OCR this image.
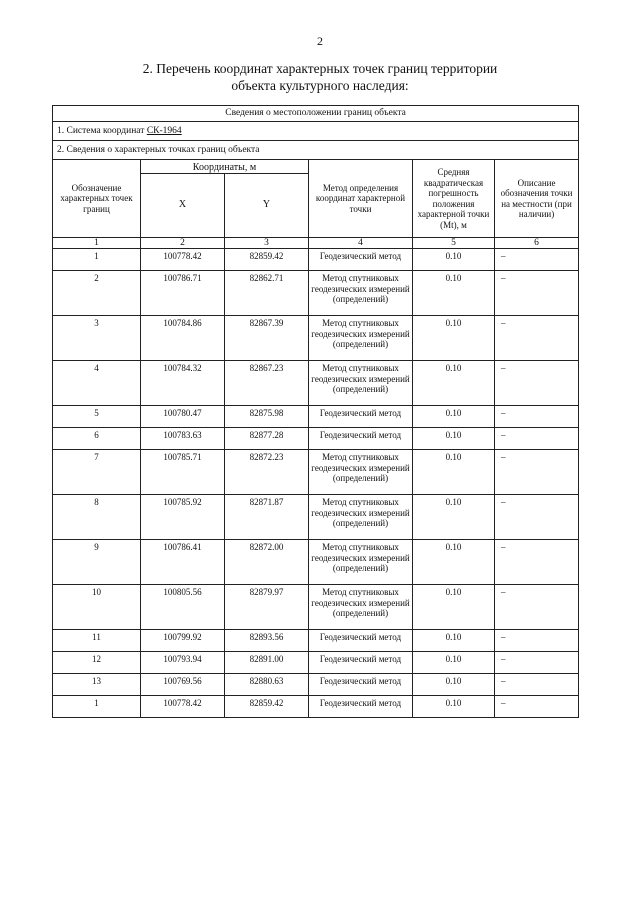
2
2. Перечень координат характерных точек границ территории
объекта культурного наследия:
Сведения о местоположении границ объекта					
1. Система координат СК-1964					
2. Сведения о характерных точках границ объекта					
Обозначение характерных точек границ	Координаты, м		Метод определения координат характерной точки	Средняя квадратическая погрешность положения характерной точки (Mt), м	Описание обозначения точки на местности (при наличии)
	X	Y			
1	2	3	4	5	6
1	100778.42	82859.42	Геодезический метод	0.10	–
2	100786.71	82862.71	Метод спутниковых геодезических измерений (определений)	0.10	–
3	100784.86	82867.39	Метод спутниковых геодезических измерений (определений)	0.10	–
4	100784.32	82867.23	Метод спутниковых геодезических измерений (определений)	0.10	–
5	100780.47	82875.98	Геодезический метод	0.10	–
6	100783.63	82877.28	Геодезический метод	0.10	–
7	100785.71	82872.23	Метод спутниковых геодезических измерений (определений)	0.10	–
8	100785.92	82871.87	Метод спутниковых геодезических измерений (определений)	0.10	–
9	100786.41	82872.00	Метод спутниковых геодезических измерений (определений)	0.10	–
10	100805.56	82879.97	Метод спутниковых геодезических измерений (определений)	0.10	–
11	100799.92	82893.56	Геодезический метод	0.10	–
12	100793.94	82891.00	Геодезический метод	0.10	–
13	100769.56	82880.63	Геодезический метод	0.10	–
1	100778.42	82859.42	Геодезический метод	0.10	–
